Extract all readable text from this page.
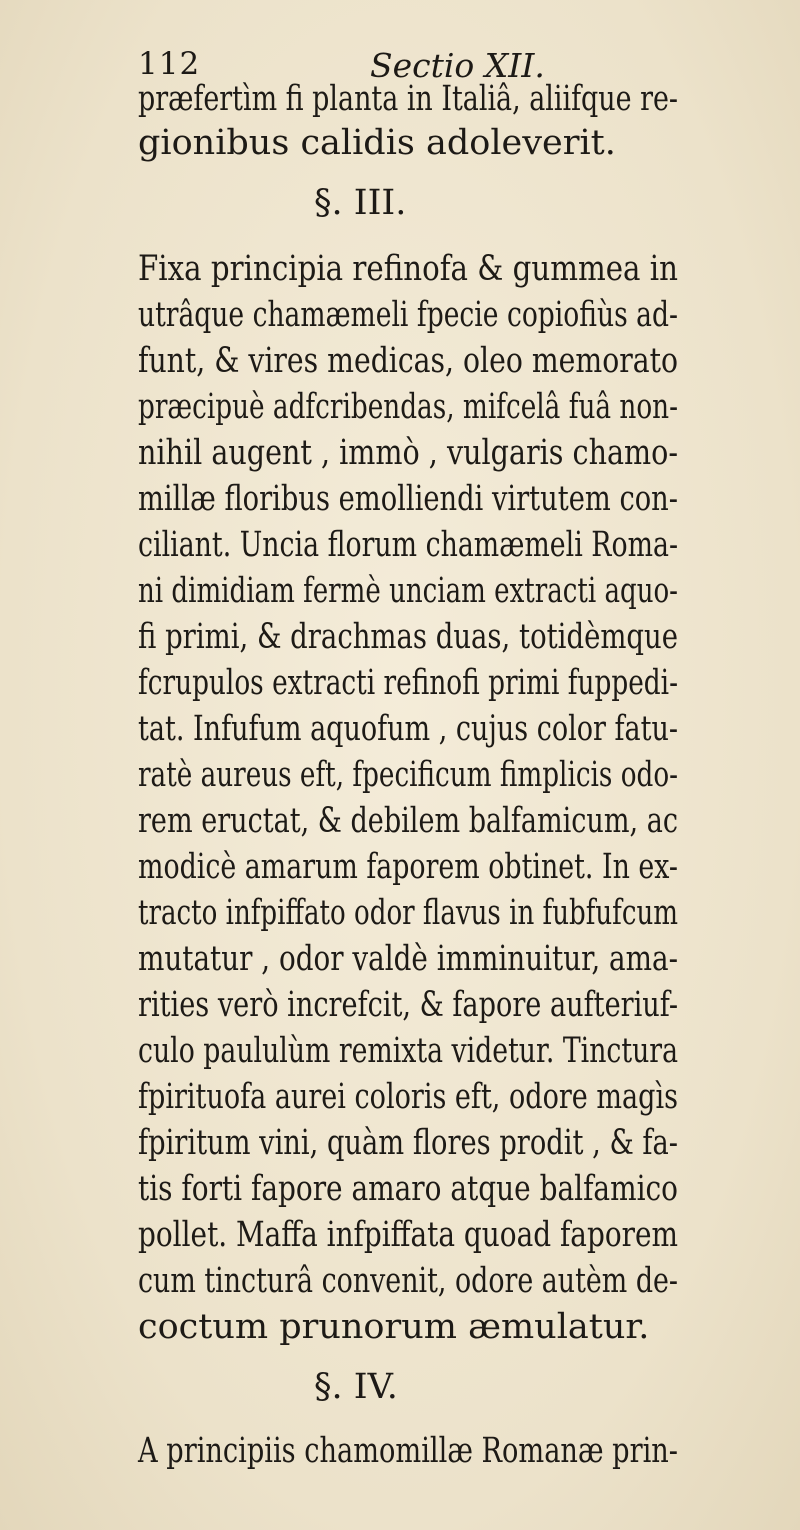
112	Sectio XII.
præfertìm fi planta in Italiâ, aliifque re-
gionibus calidis adoleverit.
§. III.
Fixa principia refinofa & gummea in
utrâque chamæmeli fpecie copiofiùs ad-
funt, & vires medicas, oleo memorato
præcipuè adfcribendas, mifcelâ fuâ non-
nihil augent , immò , vulgaris chamo-
millæ floribus emolliendi virtutem con-
ciliant. Uncia florum chamæmeli Roma-
ni dimidiam fermè unciam extracti aquo-
fi primi, & drachmas duas, totidèmque
fcrupulos extracti refinofi primi fuppedi-
tat. Infufum aquofum , cujus color fatu-
ratè aureus eft, fpecificum fimplicis odo-
rem eructat, & debilem balfamicum, ac
modicè amarum faporem obtinet. In ex-
tracto infpiffato odor flavus in fubfufcum
mutatur , odor valdè imminuitur, ama-
rities verò increfcit, & fapore aufteriuf-
culo paululùm remixta videtur. Tinctura
fpirituofa aurei coloris eft, odore magìs
fpiritum vini, quàm flores prodit , & fa-
tis forti fapore amaro atque balfamico
pollet. Maffa infpiffata quoad faporem
cum tincturâ convenit, odore autèm de-
coctum prunorum æmulatur.
§. IV.
A principiis chamomillæ Romanæ prin-
